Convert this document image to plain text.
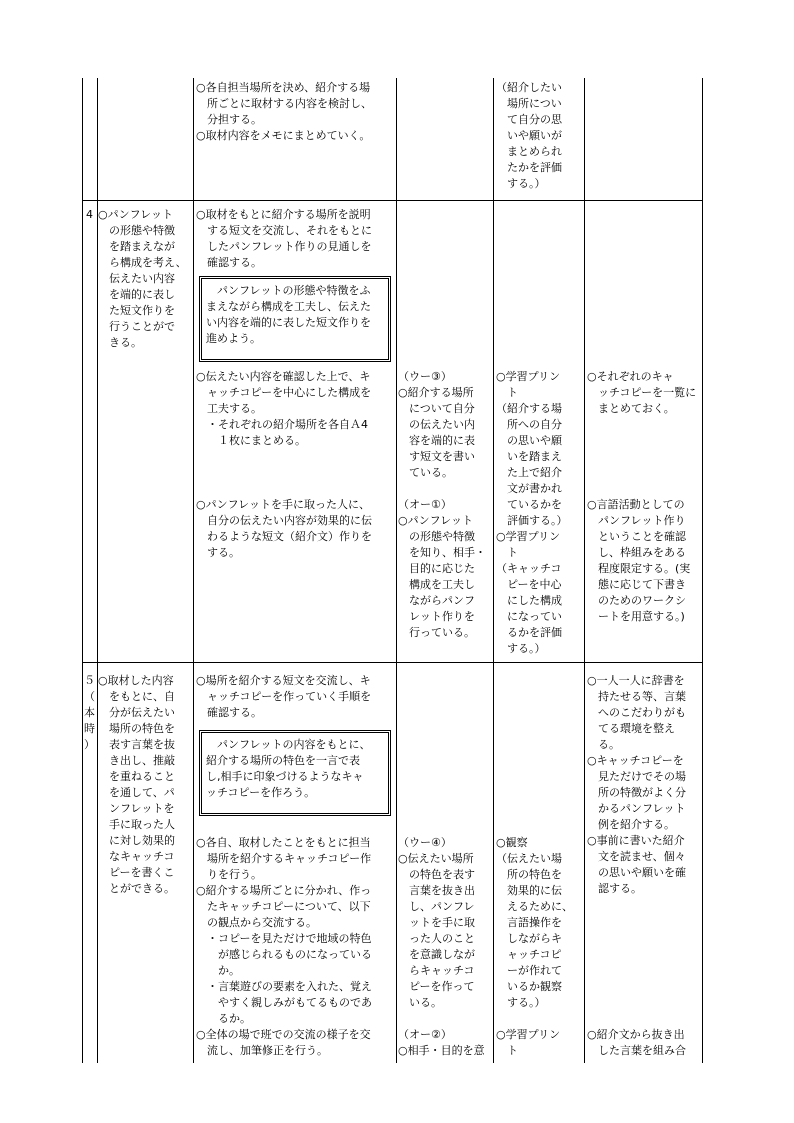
○各自担当場所を決め、紹介する場
　所ごとに取材する内容を検討し、
　分担する。
○取材内容をメモにまとめていく。
（紹介したい
　場所につい
　て自分の思
　いや願いが
　まとめられ
　たかを評価
　する。）
4 ○パンフレット
　の形態や特徴
　を踏まえなが
　ら構成を考え、
　伝えたい内容
　を端的に表し
　た短文作りを
　行うことがで
　きる。
○取材をもとに紹介する場所を説明
　する短文を交流し、それをもとに
　したパンフレット作りの見通しを
　確認する。
　パンフレットの形態や特徴をふ
まえながら構成を工夫し、伝えた
い内容を端的に表した短文作りを
進めよう。
○伝えたい内容を確認した上で、キ
　ャッチコピーを中心にした構成を
　工夫する。
　・それぞれの紹介場所を各自Ａ4
　　１枚にまとめる。
（ウー③）
○紹介する場所
　について自分
　の伝えたい内
　容を端的に表
　す短文を書い
　ている。
○学習プリン
　ト
（紹介する場
　所への自分
　の思いや願
　いを踏まえ
　た上で紹介
　文が書かれ
　ているかを
　評価する。）
○それぞれのキャ
　ッチコピーを一覧に
　まとめておく。
○パンフレットを手に取った人に、
　自分の伝えたい内容が効果的に伝
　わるような短文（紹介文）作りを
　する。
（オー①）
○パンフレット
　の形態や特徴
　を知り、相手・
　目的に応じた
　構成を工夫し
　ながらパンフ
　レット作りを
　行っている。
○学習プリン
　ト
（キャッチコ
　ピーを中心
　にした構成
　になってい
　るかを評価
　する。）
○言語活動としての
　パンフレット作り
　ということを確認
　し、枠組みをある
　程度限定する。(実
　態に応じて下書き
　のためのワークシ
　ートを用意する。)
５
（
本
時
）
○取材した内容
　をもとに、自
　分が伝えたい
　場所の特色を
　表す言葉を抜
　き出し、推敲
　を重ねること
　を通して、パ
　ンフレットを
　手に取った人
　に対し効果的
　なキャッチコ
　ピーを書くこ
　とができる。
○場所を紹介する短文を交流し、キ
　ャッチコピーを作っていく手順を
　確認する。
　パンフレットの内容をもとに、
紹介する場所の特色を一言で表
し,相手に印象づけるようなキャ
ッチコピーを作ろう。
○一人一人に辞書を
　持たせる等、言葉
　へのこだわりがも
　てる環境を整え
　る。
○キャッチコピーを
　見ただけでその場
　所の特徴がよく分
　かるパンフレット
　例を紹介する。
○事前に書いた紹介
　文を読ませ、個々
　の思いや願いを確
　認する。
○各自、取材したことをもとに担当
　場所を紹介するキャッチコピー作
　りを行う。
○紹介する場所ごとに分かれ、作っ
　たキャッチコピーについて、以下
　の観点から交流する。
　・コピーを見ただけで地域の特色
　　が感じられるものになっている
　　か。
　・言葉遊びの要素を入れた、覚え
　　やすく親しみがもてるものであ
　　るか。
（ウー④）
○伝えたい場所
　の特色を表す
　言葉を抜き出
　し、パンフレ
　ットを手に取
　った人のこと
　を意識しなが
　らキャッチコ
　ピーを作って
　いる。
○観察
（伝えたい場
　所の特色を
　効果的に伝
　えるために、
　言語操作を
　しながらキ
　ャッチコピ
　ーが作れて
　いるか観察
　する。）
○全体の場で班での交流の様子を交
　流し、加筆修正を行う。
（オー②）
○相手・目的を意
○学習プリン
　ト
○紹介文から抜き出
　した言葉を組み合
